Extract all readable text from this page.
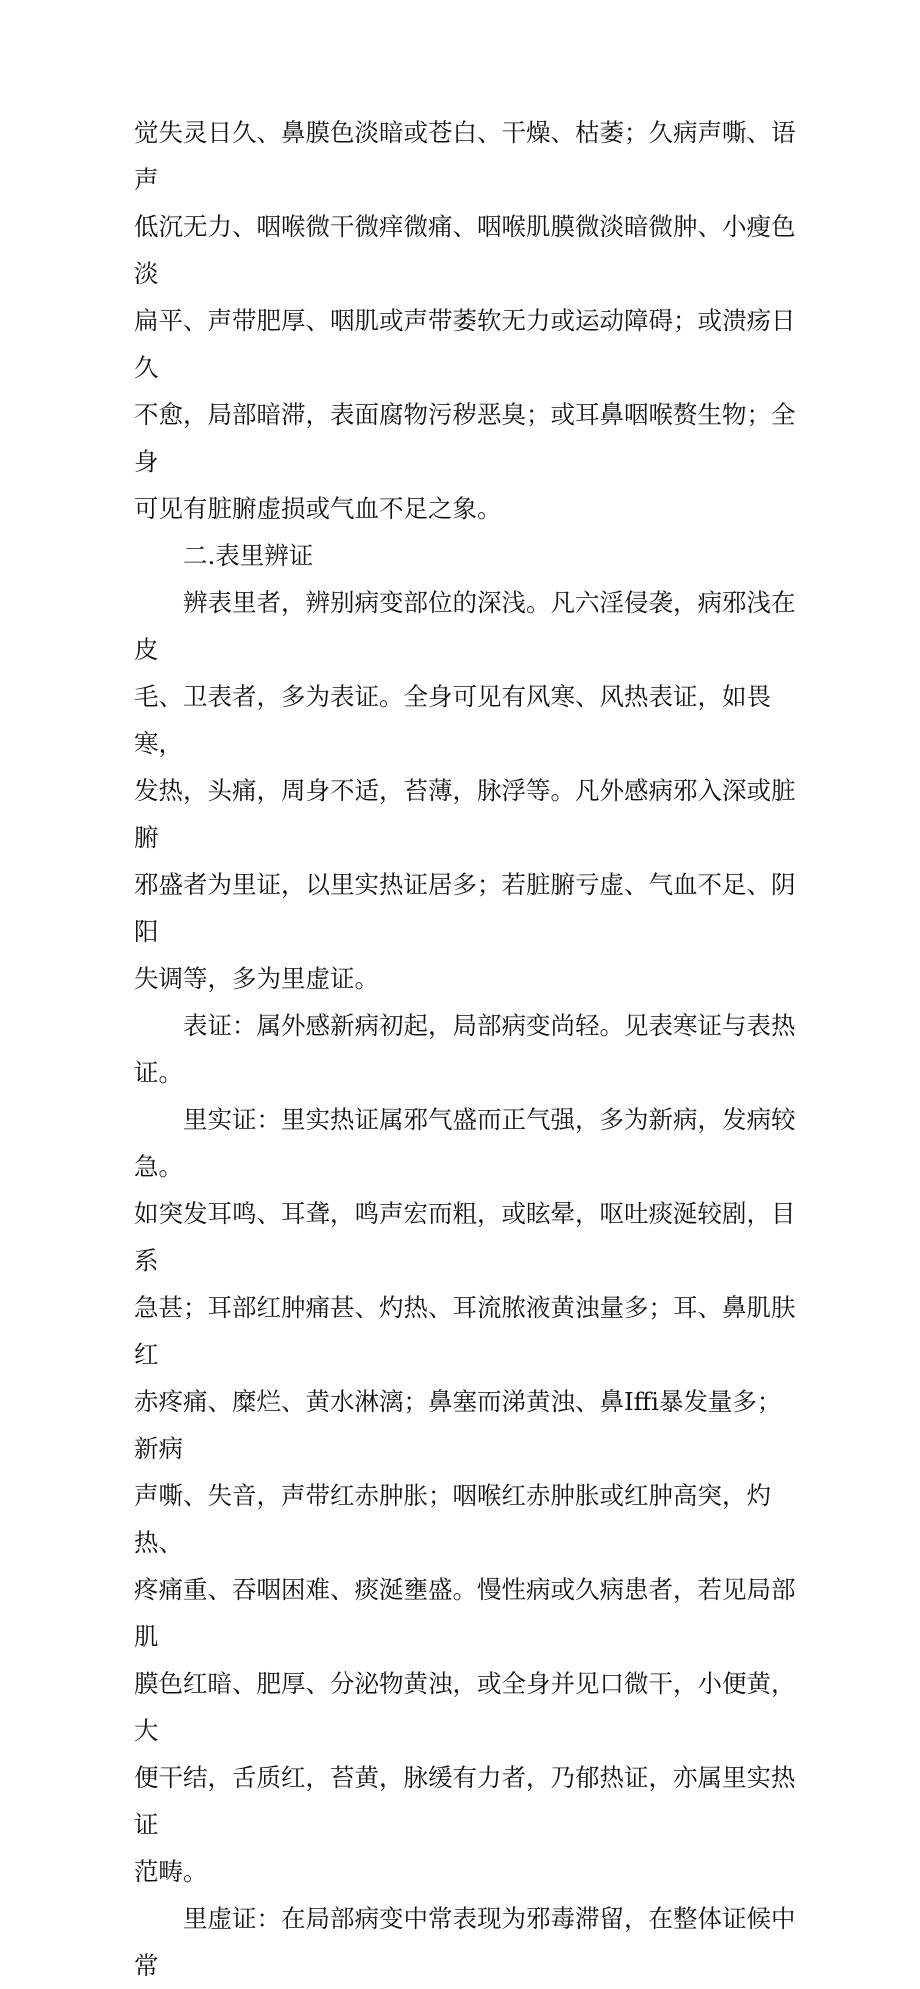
觉失灵日久、鼻膜色淡暗或苍白、干燥、枯萎；久病声嘶、语声
低沉无力、咽喉微干微痒微痛、咽喉肌膜微淡暗微肿、小瘦色淡
扁平、声带肥厚、咽肌或声带萎软无力或运动障碍；或溃疡日久
不愈，局部暗滞，表面腐物污秽恶臭；或耳鼻咽喉赘生物；全身
可见有脏腑虚损或气血不足之象。
二.表里辨证
辨表里者，辨别病变部位的深浅。凡六淫侵袭，病邪浅在皮
毛、卫表者，多为表证。全身可见有风寒、风热表证，如畏寒，
发热，头痛，周身不适，苔薄，脉浮等。凡外感病邪入深或脏腑
邪盛者为里证，以里实热证居多；若脏腑亏虚、气血不足、阴阳
失调等，多为里虚证。
表证：属外感新病初起，局部病变尚轻。见表寒证与表热证。
里实证：里实热证属邪气盛而正气强，多为新病，发病较急。
如突发耳鸣、耳聋，鸣声宏而粗，或眩晕，呕吐痰涎较剧，目系
急甚；耳部红肿痛甚、灼热、耳流脓液黄浊量多；耳、鼻肌肤红
赤疼痛、糜烂、黄水淋漓；鼻塞而涕黄浊、鼻Iffi暴发量多；新病
声嘶、失音，声带红赤肿胀；咽喉红赤肿胀或红肿高突，灼热、
疼痛重、吞咽困难、痰涎壅盛。慢性病或久病患者，若见局部肌
膜色红暗、肥厚、分泌物黄浊，或全身并见口微干，小便黄，大
便干结，舌质红，苔黄，脉缓有力者，乃郁热证，亦属里实热证
范畴。
里虚证：在局部病变中常表现为邪毒滞留，在整体证候中常
